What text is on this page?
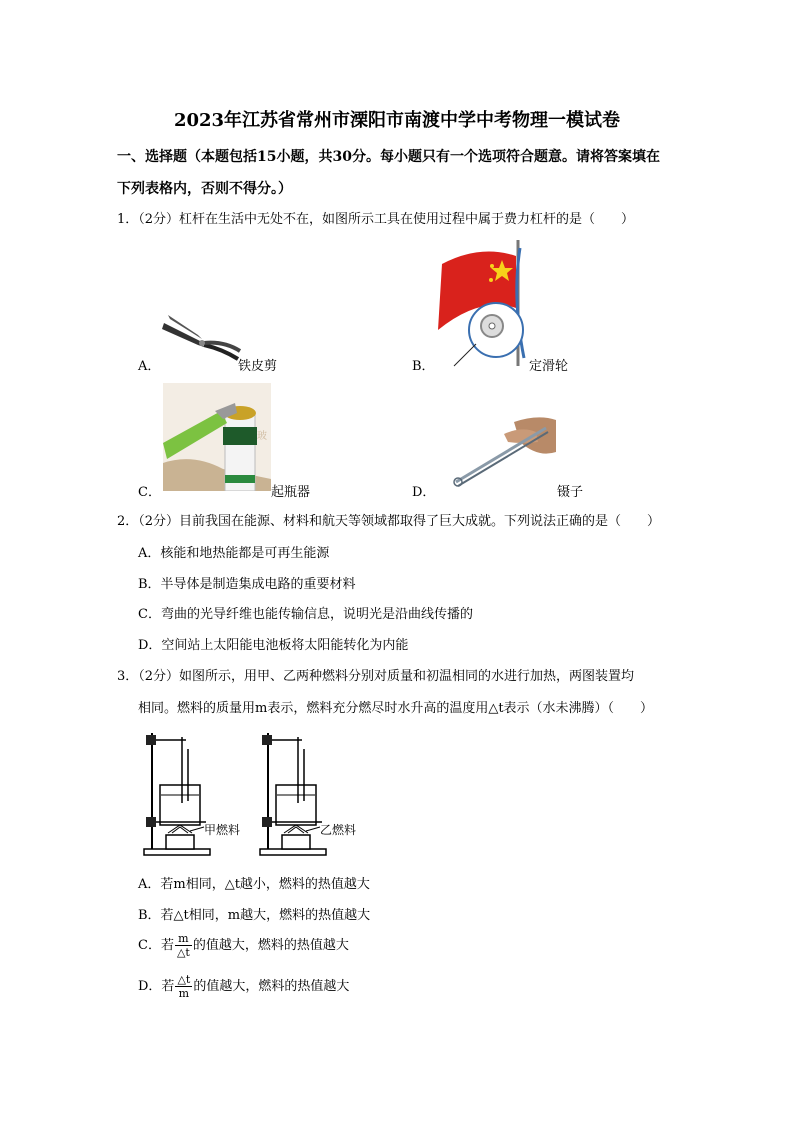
2023年江苏省常州市溧阳市南渡中学中考物理一模试卷
一、选择题（本题包括15小题，共30分。每小题只有一个选项符合题意。请将答案填在
下列表格内，否则不得分。）
1．（2分）杠杆在生活中无处不在，如图所示工具在使用过程中属于费力杠杆的是（　　）
A．	铁皮剪	B．	定滑轮
C．
玻
起瓶器	D．	镊子
2．（2分）目前我国在能源、材料和航天等领域都取得了巨大成就。下列说法正确的是（　　）
A．核能和地热能都是可再生能源
B．半导体是制造集成电路的重要材料
C．弯曲的光导纤维也能传输信息，说明光是沿曲线传播的
D．空间站上太阳能电池板将太阳能转化为内能
3．（2分）如图所示，用甲、乙两种燃料分别对质量和初温相同的水进行加热，两图装置均
相同。燃料的质量用m表示，燃料充分燃尽时水升高的温度用△t表示（水未沸腾）（　　）
甲燃料	乙燃料
A．若m相同，△t越小，燃料的热值越大
B．若△t相同，m越大，燃料的热值越大
C．若 $\frac{m}{\triangle t}$ 的值越大，燃料的热值越大
D．若 $\frac{\triangle t}{m}$ 的值越大，燃料的热值越大
